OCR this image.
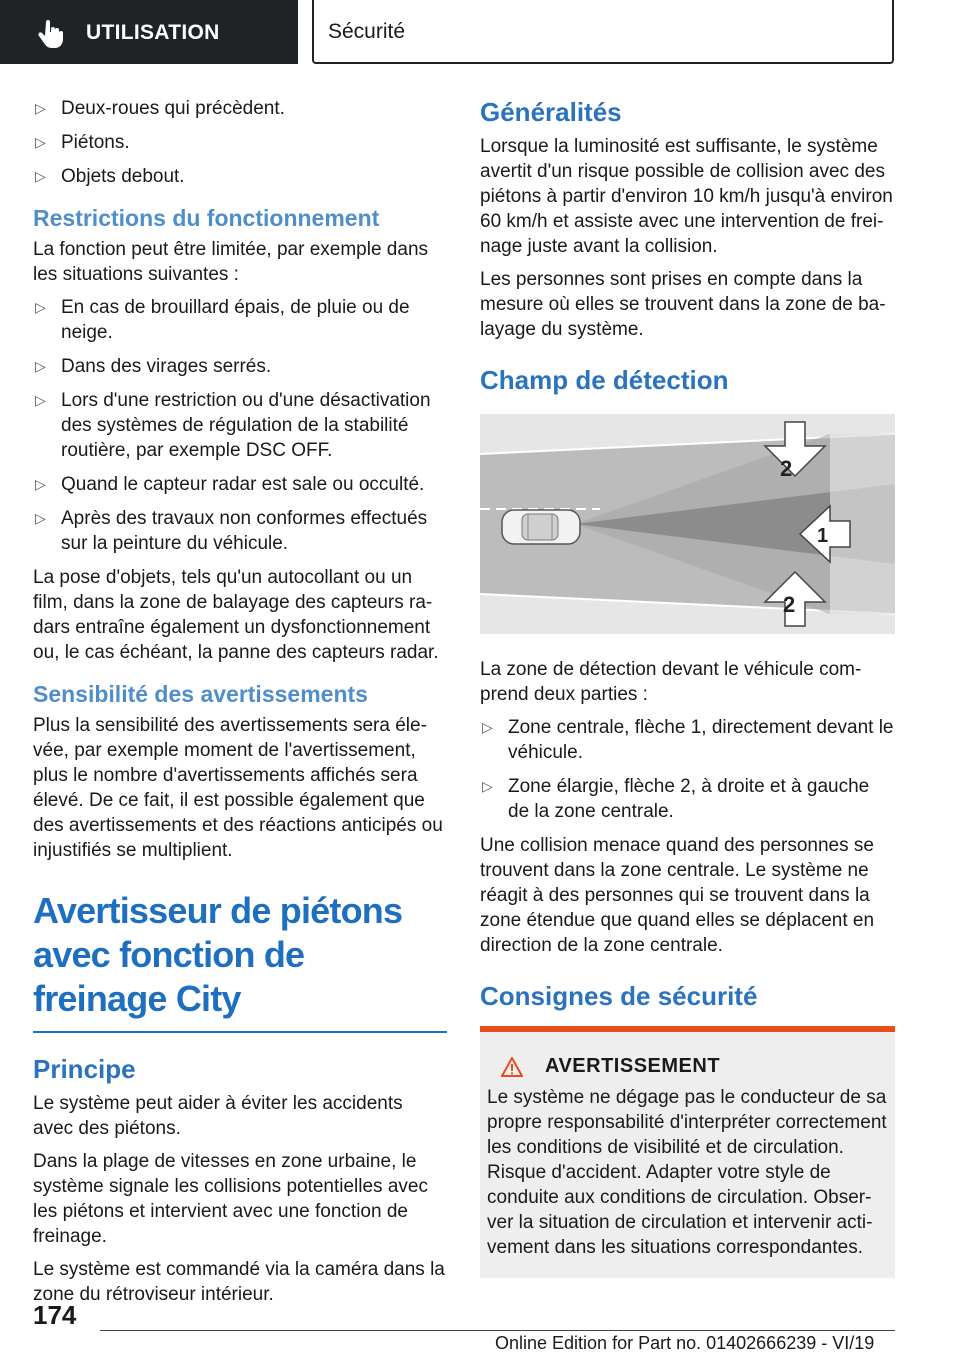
UTILISATION	Sécurité
▷ Deux-roues qui précèdent.
▷ Piétons.
▷ Objets debout.
Restrictions du fonctionnement

La fonction peut être limitée, par exemple dans les situations suivantes :

▷ En cas de brouillard épais, de pluie ou de neige.
▷ Dans des virages serrés.
▷ Lors d'une restriction ou d'une désactivation des systèmes de régulation de la stabilité routière, par exemple DSC OFF.
▷ Quand le capteur radar est sale ou occulté.
▷ Après des travaux non conformes effectués sur la peinture du véhicule.

La pose d'objets, tels qu'un autocollant ou un film, dans la zone de balayage des capteurs radars entraîne également un dysfonctionnement ou, le cas échéant, la panne des capteurs radar.

Sensibilité des avertissements

Plus la sensibilité des avertissements sera élevée, par exemple moment de l'avertissement, plus le nombre d'avertissements affichés sera élevé. De ce fait, il est possible également que des avertissements et des réactions anticipés ou injustifiés se multiplient.

Avertisseur de piétons avec fonction de freinage City
Principe

Le système peut aider à éviter les accidents avec des piétons.

Dans la plage de vitesses en zone urbaine, le système signale les collisions potentielles avec les piétons et intervient avec une fonction de freinage.

Le système est commandé via la caméra dans la zone du rétroviseur intérieur.

Généralités

Lorsque la luminosité est suffisante, le système avertit d'un risque possible de collision avec des piétons à partir d'environ 10 km/h jusqu'à environ 60 km/h et assiste avec une intervention de freinage juste avant la collision.

Les personnes sont prises en compte dans la mesure où elles se trouvent dans la zone de balayage du système.

Champ de détection
2
1
2

La zone de détection devant le véhicule comprend deux parties :

▷ Zone centrale, flèche 1, directement devant le véhicule.
▷ Zone élargie, flèche 2, à droite et à gauche de la zone centrale.

Une collision menace quand des personnes se trouvent dans la zone centrale. Le système ne réagit à des personnes qui se trouvent dans la zone étendue que quand elles se déplacent en direction de la zone centrale.

Consignes de sécurité
AVERTISSEMENT

Le système ne dégage pas le conducteur de sa propre responsabilité d'interpréter correctement les conditions de visibilité et de circulation. Risque d'accident. Adapter votre style de conduite aux conditions de circulation. Observer la situation de circulation et intervenir activement dans les situations correspondantes.

174
Online Edition for Part no. 01402666239 - VI/19
